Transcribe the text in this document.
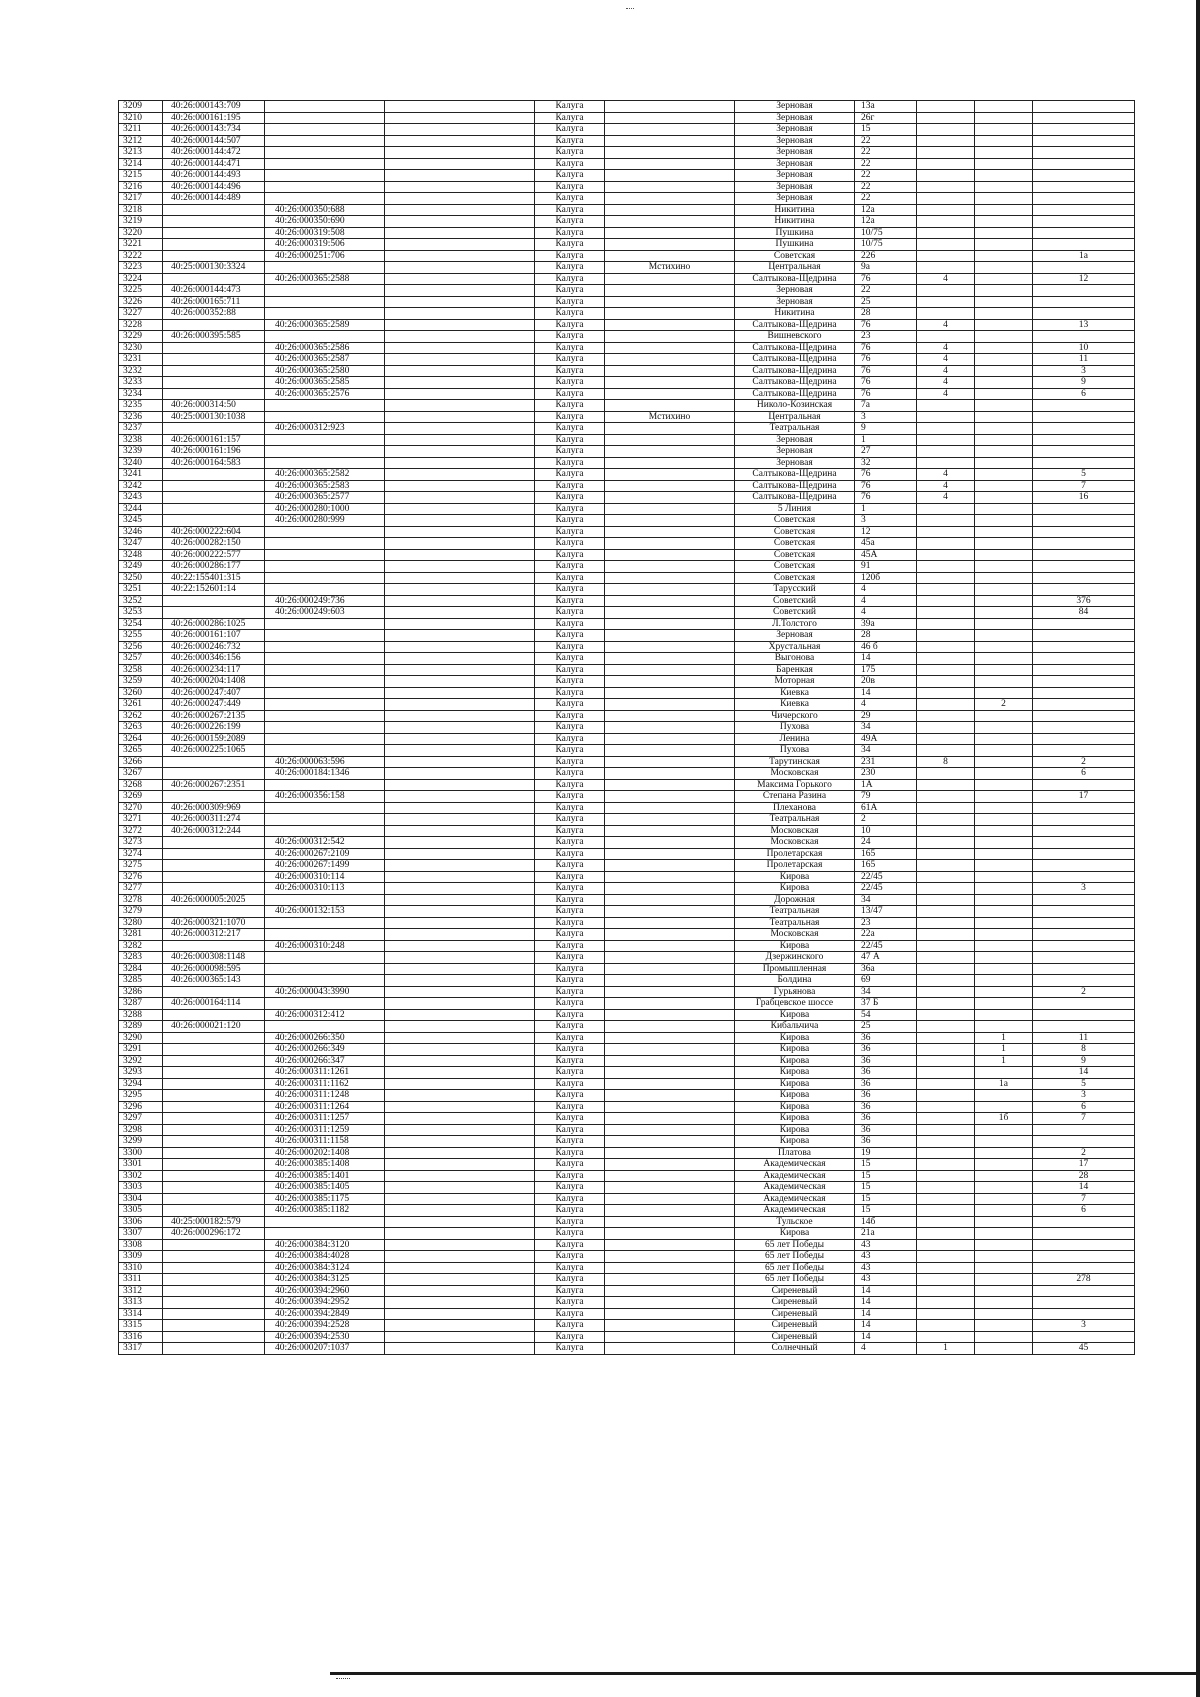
3209	40:26:000143:709			Калуга		Зерновая	13а			
3210	40:26:000161:195			Калуга		Зерновая	26г			
3211	40:26:000143:734			Калуга		Зерновая	15			
3212	40:26:000144:507			Калуга		Зерновая	22			
3213	40:26:000144:472			Калуга		Зерновая	22			
3214	40:26:000144:471			Калуга		Зерновая	22			
3215	40:26:000144:493			Калуга		Зерновая	22			
3216	40:26:000144:496			Калуга		Зерновая	22			
3217	40:26:000144:489			Калуга		Зерновая	22			
3218		40:26:000350:688		Калуга		Никитина	12а			
3219		40:26:000350:690		Калуга		Никитина	12а			
3220		40:26:000319:508		Калуга		Пушкина	10/75			
3221		40:26:000319:506		Калуга		Пушкина	10/75			
3222		40:26:000251:706		Калуга		Советская	226			1а
3223	40:25:000130:3324			Калуга	Мстихино	Центральная	9а			
3224		40:26:000365:2588		Калуга		Салтыкова-Щедрина	76	4		12
3225	40:26:000144:473			Калуга		Зерновая	22			
3226	40:26:000165:711			Калуга		Зерновая	25			
3227	40:26:000352:88			Калуга		Никитина	28			
3228		40:26:000365:2589		Калуга		Салтыкова-Щедрина	76	4		13
3229	40:26:000395:585			Калуга		Вишневского	23			
3230		40:26:000365:2586		Калуга		Салтыкова-Щедрина	76	4		10
3231		40:26:000365:2587		Калуга		Салтыкова-Щедрина	76	4		11
3232		40:26:000365:2580		Калуга		Салтыкова-Щедрина	76	4		3
3233		40:26:000365:2585		Калуга		Салтыкова-Щедрина	76	4		9
3234		40:26:000365:2576		Калуга		Салтыкова-Щедрина	76	4		6
3235	40:26:000314:50			Калуга		Николо-Козинская	7а			
3236	40:25:000130:1038			Калуга	Мстихино	Центральная	3			
3237		40:26:000312:923		Калуга		Театральная	9			
3238	40:26:000161:157			Калуга		Зерновая	1			
3239	40:26:000161:196			Калуга		Зерновая	27			
3240	40:26:000164:583			Калуга		Зерновая	32			
3241		40:26:000365:2582		Калуга		Салтыкова-Щедрина	76	4		5
3242		40:26:000365:2583		Калуга		Салтыкова-Щедрина	76	4		7
3243		40:26:000365:2577		Калуга		Салтыкова-Щедрина	76	4		16
3244		40:26:000280:1000		Калуга		5 Линия	1			
3245		40:26:000280:999		Калуга		Советская	3			
3246	40:26:000222:604			Калуга		Советская	12			
3247	40:26:000282:150			Калуга		Советская	45а			
3248	40:26:000222:577			Калуга		Советская	45А			
3249	40:26:000286:177			Калуга		Советская	91			
3250	40:22:155401:315			Калуга		Советская	120б			
3251	40:22:152601:14			Калуга		Тарусский	4			
3252		40:26:000249:736		Калуга		Советский	4			376
3253		40:26:000249:603		Калуга		Советский	4			84
3254	40:26:000286:1025			Калуга		Л.Толстого	39а			
3255	40:26:000161:107			Калуга		Зерновая	28			
3256	40:26:000246:732			Калуга		Хрустальная	46 б			
3257	40:26:000346:156			Калуга		Выгонова	14			
3258	40:26:000234:117			Калуга		Баренкая	175			
3259	40:26:000204:1408			Калуга		Моторная	20в			
3260	40:26:000247:407			Калуга		Киевка	14			
3261	40:26:000247:449			Калуга		Киевка	4		2	
3262	40:26:000267:2135			Калуга		Чичерского	29			
3263	40:26:000226:199			Калуга		Пухова	34			
3264	40:26:000159:2089			Калуга		Ленина	49А			
3265	40:26:000225:1065			Калуга		Пухова	34			
3266		40:26:000063:596		Калуга		Тарутинская	231	8		2
3267		40:26:000184:1346		Калуга		Московская	230			6
3268	40:26:000267:2351			Калуга		Максима Горького	1А			
3269		40:26:000356:158		Калуга		Степана Разина	79			17
3270	40:26:000309:969			Калуга		Плеханова	61А			
3271	40:26:000311:274			Калуга		Театральная	2			
3272	40:26:000312:244			Калуга		Московская	10			
3273		40:26:000312:542		Калуга		Московская	24			
3274		40:26:000267:2109		Калуга		Пролетарская	165			
3275		40:26:000267:1499		Калуга		Пролетарская	165			
3276		40:26:000310:114		Калуга		Кирова	22/45			
3277		40:26:000310:113		Калуга		Кирова	22/45			3
3278	40:26:000005:2025			Калуга		Дорожная	34			
3279		40:26:000132:153		Калуга		Театральная	13/47			
3280	40:26:000321:1070			Калуга		Театральная	23			
3281	40:26:000312:217			Калуга		Московская	22а			
3282		40:26:000310:248		Калуга		Кирова	22/45			
3283	40:26:000308:1148			Калуга		Дзержинского	47 А			
3284	40:26:000098:595			Калуга		Промышленная	36а			
3285	40:26:000365:143			Калуга		Болдина	69			
3286		40:26:000043:3990		Калуга		Гурьянова	34			2
3287	40:26:000164:114			Калуга		Грабцевское шоссе	37 Б			
3288		40:26:000312:412		Калуга		Кирова	54			
3289	40:26:000021:120			Калуга		Кибальчича	25			
3290		40:26:000266:350		Калуга		Кирова	36		1	11
3291		40:26:000266:349		Калуга		Кирова	36		1	8
3292		40:26:000266:347		Калуга		Кирова	36		1	9
3293		40:26:000311:1261		Калуга		Кирова	36			14
3294		40:26:000311:1162		Калуга		Кирова	36		1а	5
3295		40:26:000311:1248		Калуга		Кирова	36			3
3296		40:26:000311:1264		Калуга		Кирова	36			6
3297		40:26:000311:1257		Калуга		Кирова	36		1б	7
3298		40:26:000311:1259		Калуга		Кирова	36			
3299		40:26:000311:1158		Калуга		Кирова	36			
3300		40:26:000202:1408		Калуга		Платова	19			2
3301		40:26:000385:1408		Калуга		Академическая	15			17
3302		40:26:000385:1401		Калуга		Академическая	15			28
3303		40:26:000385:1405		Калуга		Академическая	15			14
3304		40:26:000385:1175		Калуга		Академическая	15			7
3305		40:26:000385:1182		Калуга		Академическая	15			6
3306	40:25:000182:579			Калуга		Тульское	14б			
3307	40:26:000296:172			Калуга		Кирова	21а			
3308		40:26:000384:3120		Калуга		65 лет Победы	43			
3309		40:26:000384:4028		Калуга		65 лет Победы	43			
3310		40:26:000384:3124		Калуга		65 лет Победы	43			
3311		40:26:000384:3125		Калуга		65 лет Победы	43			278
3312		40:26:000394:2960		Калуга		Сиреневый	14			
3313		40:26:000394:2952		Калуга		Сиреневый	14			
3314		40:26:000394:2849		Калуга		Сиреневый	14			
3315		40:26:000394:2528		Калуга		Сиреневый	14			3
3316		40:26:000394:2530		Калуга		Сиреневый	14			
3317		40:26:000207:1037		Калуга		Солнечный	4	1		45
